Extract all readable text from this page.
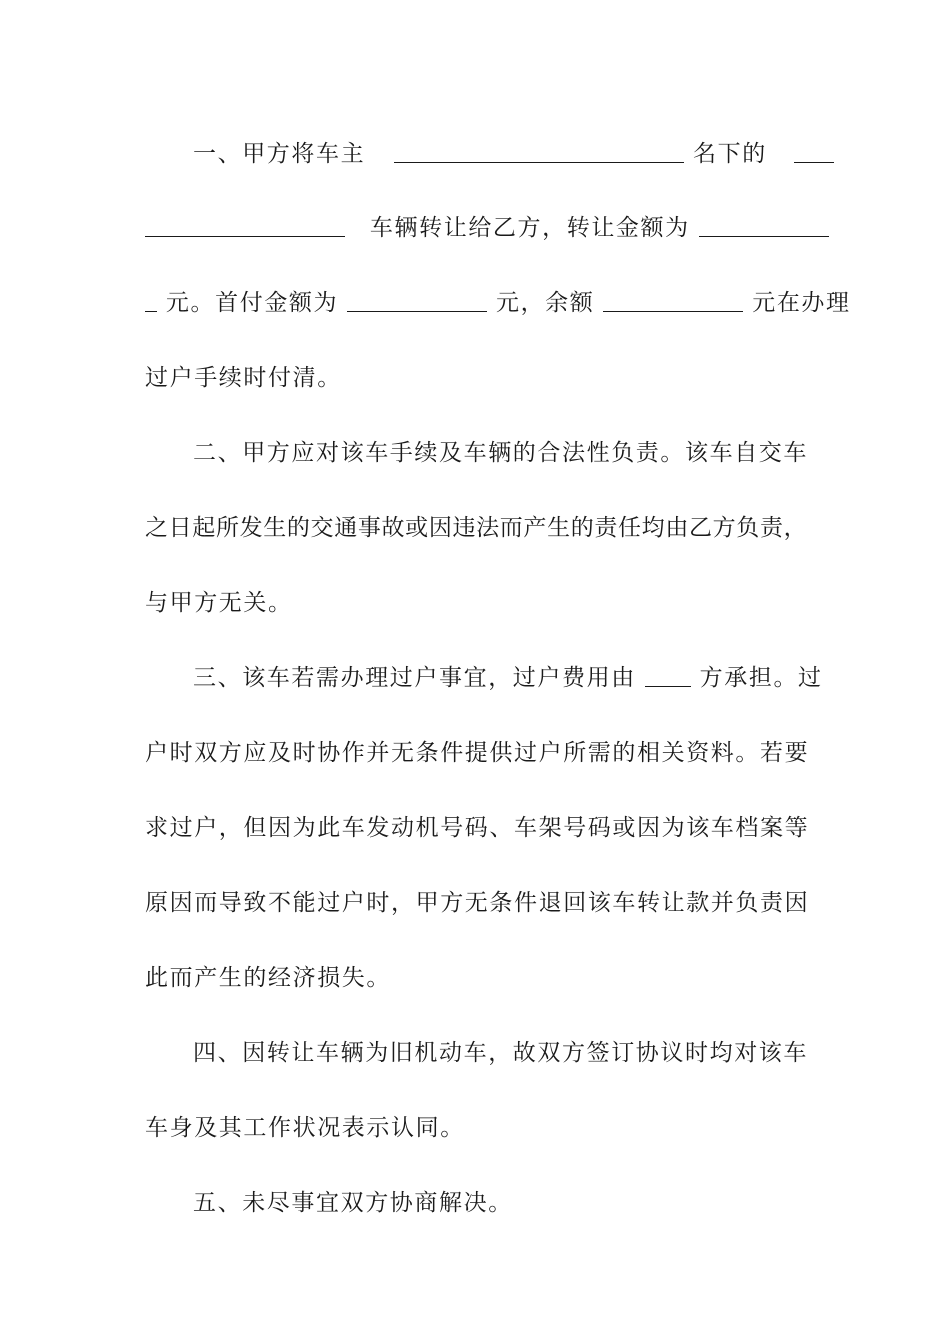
一、甲方将车主	名下的
车辆转让给乙方，转让金额为
元。首付金额为	元，余额	元在办理
过户手续时付清。
二、甲方应对该车手续及车辆的合法性负责。该车自交车
之日起所发生的交通事故或因违法而产生的责任均由乙方负责，
与甲方无关。
三、该车若需办理过户事宜，过户费用由	方承担。过
户时双方应及时协作并无条件提供过户所需的相关资料。若要
求过户，但因为此车发动机号码、车架号码或因为该车档案等
原因而导致不能过户时，甲方无条件退回该车转让款并负责因
此而产生的经济损失。
四、因转让车辆为旧机动车，故双方签订协议时均对该车
车身及其工作状况表示认同。
五、未尽事宜双方协商解决。
